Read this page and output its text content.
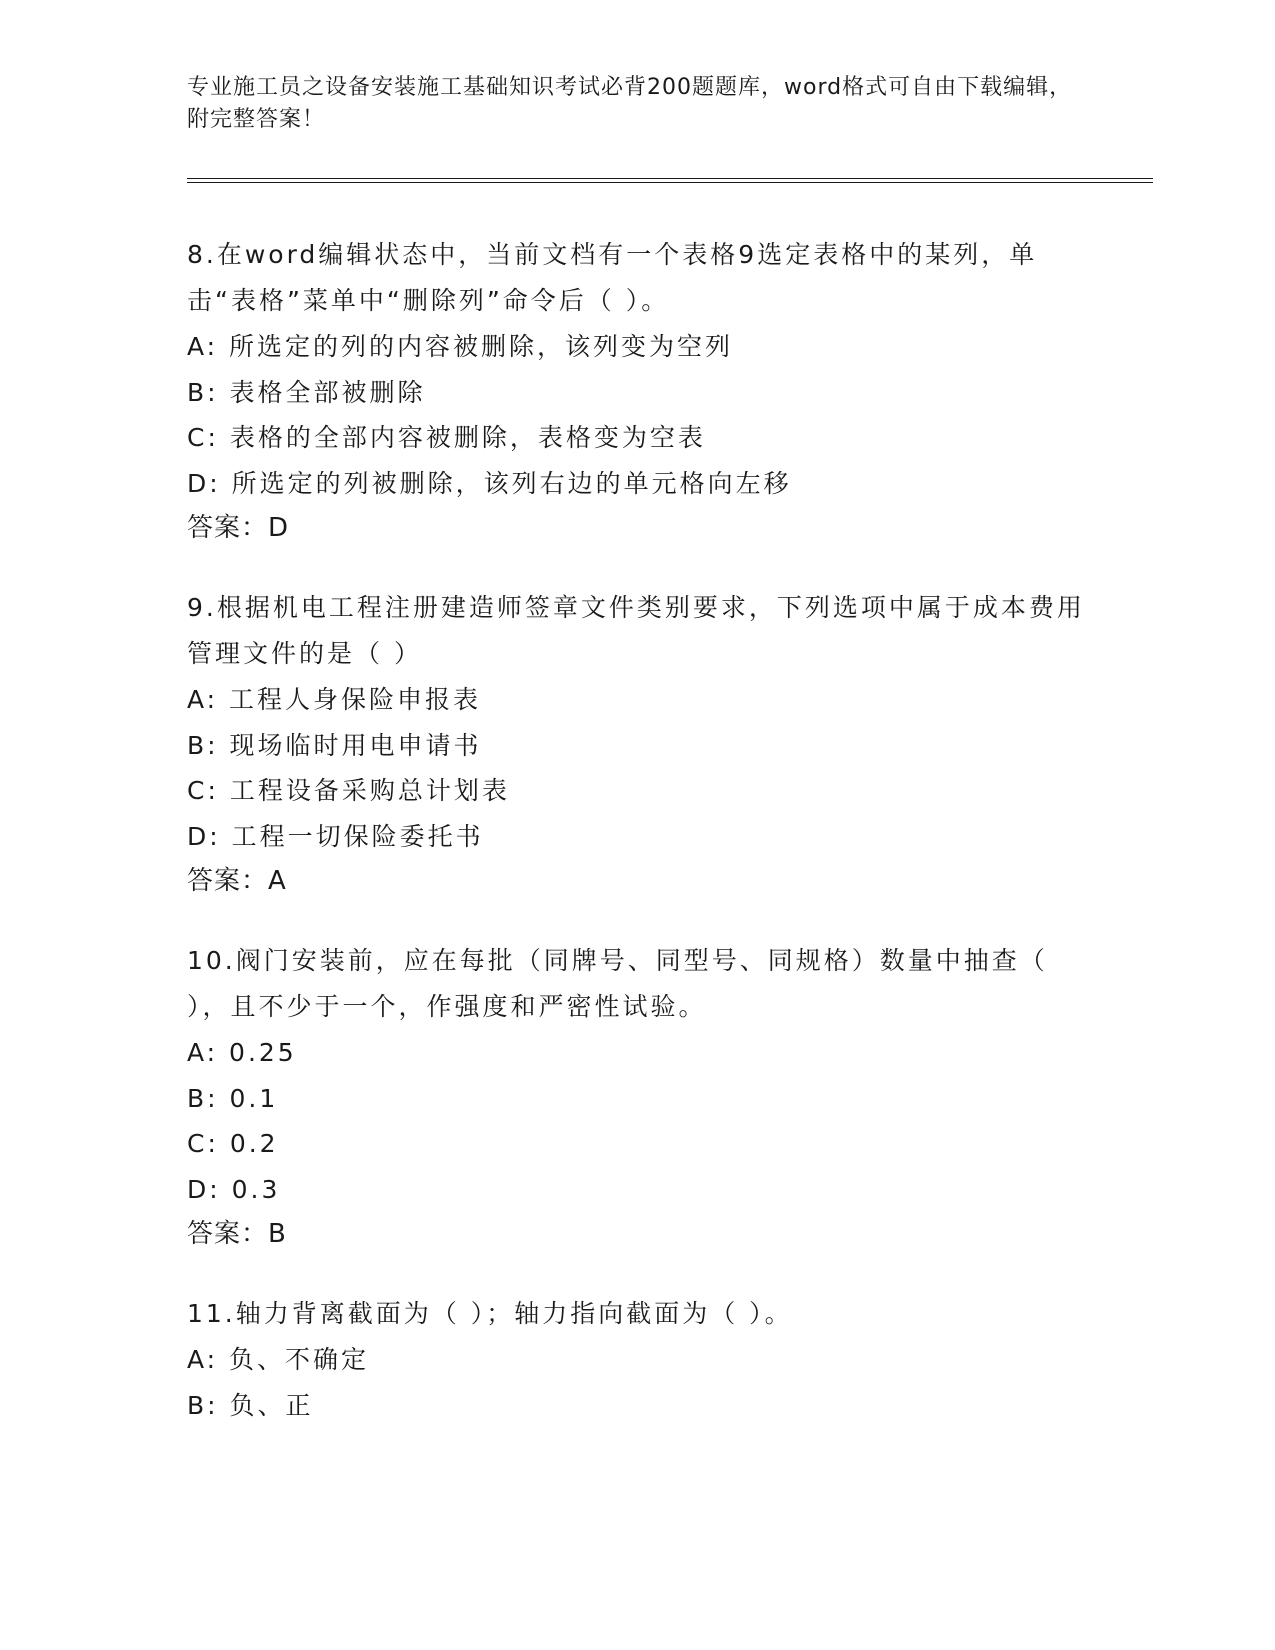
专业施工员之设备安装施工基础知识考试必背200题题库，word格式可自由下载编辑，附完整答案！

8.在word编辑状态中，当前文档有一个表格9选定表格中的某列，单击“表格”菜单中“删除列”命令后（ ）。

A: 所选定的列的内容被删除，该列变为空列

B: 表格全部被删除

C: 表格的全部内容被删除，表格变为空表

D: 所选定的列被删除，该列右边的单元格向左移

答案：D

9.根据机电工程注册建造师签章文件类别要求，下列选项中属于成本费用管理文件的是（ ）

A: 工程人身保险申报表

B: 现场临时用电申请书

C: 工程设备采购总计划表

D: 工程一切保险委托书

答案：A

10.阀门安装前，应在每批（同牌号、同型号、同规格）数量中抽查（ ），且不少于一个，作强度和严密性试验。

A: 0.25

B: 0.1

C: 0.2

D: 0.3

答案：B

11.轴力背离截面为（ ）；轴力指向截面为（ ）。

A: 负、不确定

B: 负、正
